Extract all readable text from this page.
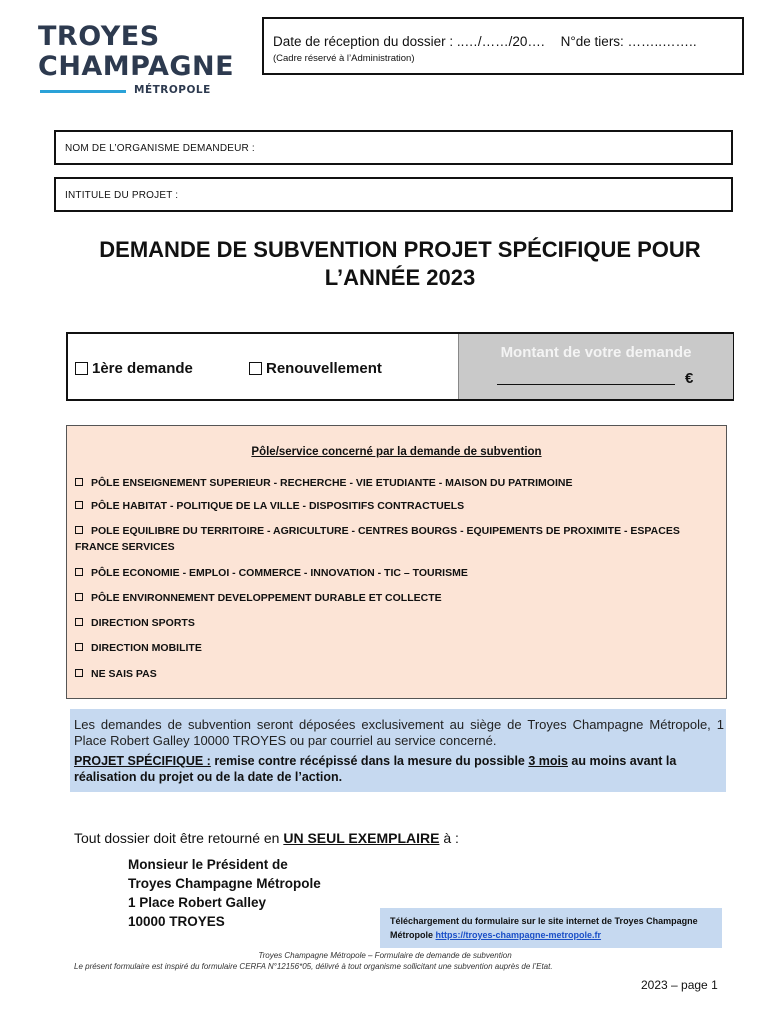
TROYES
CHAMPAGNE
MÉTROPOLE
Date de réception du dossier : ..…/……/20…. N°de tiers: ……..……..
(Cadre réservé à l’Administration)
NOM DE L’ORGANISME DEMANDEUR :
INTITULE DU PROJET :
DEMANDE DE SUBVENTION PROJET SPÉCIFIQUE POUR
L’ANNÉE 2023
1ère demande	Renouvellement
Montant de votre demande
€
Pôle/service concerné par la demande de subvention
PÔLE ENSEIGNEMENT SUPERIEUR - RECHERCHE - VIE ETUDIANTE - MAISON DU PATRIMOINE
PÔLE HABITAT - POLITIQUE DE LA VILLE - DISPOSITIFS CONTRACTUELS
POLE EQUILIBRE DU TERRITOIRE - AGRICULTURE - CENTRES BOURGS - EQUIPEMENTS DE PROXIMITE - ESPACES FRANCE SERVICES
PÔLE ECONOMIE - EMPLOI - COMMERCE - INNOVATION - TIC – TOURISME
PÔLE ENVIRONNEMENT DEVELOPPEMENT DURABLE ET COLLECTE
DIRECTION SPORTS
DIRECTION MOBILITE
NE SAIS PAS
Les demandes de subvention seront déposées exclusivement au siège de Troyes Champagne Métropole, 1 Place Robert Galley 10000 TROYES ou par courriel au service concerné.
PROJET SPÉCIFIQUE : remise contre récépissé dans la mesure du possible 3 mois au moins avant la réalisation du projet ou de la date de l’action.
Tout dossier doit être retourné en UN SEUL EXEMPLAIRE à :
Monsieur le Président de
Troyes Champagne Métropole
1 Place Robert Galley
10000 TROYES	Téléchargement du formulaire sur le site internet de Troyes Champagne Métropole https://troyes-champagne-metropole.fr
Troyes Champagne Métropole – Formulaire de demande de subvention
Le présent formulaire est inspiré du formulaire CERFA N°12156*05, délivré à tout organisme sollicitant une subvention auprès de l’Etat.
2023 – page 1
